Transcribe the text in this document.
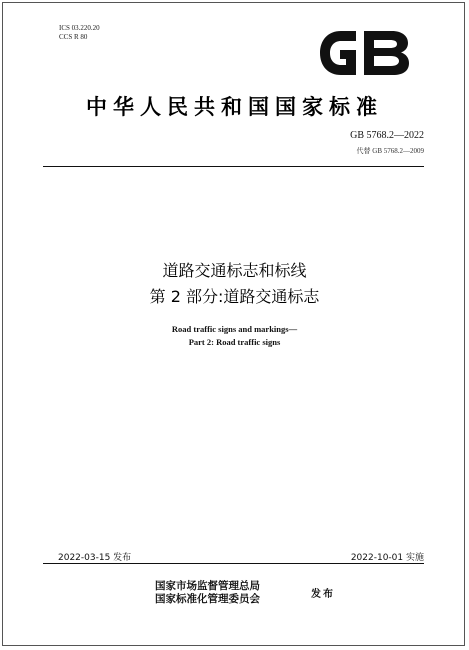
ICS 03.220.20
CCS R 80
中华人民共和国国家标准
GB 5768.2—2022
代替 GB 5768.2—2009
道路交通标志和标线
第 2 部分:道路交通标志
Road traffic signs and markings—
Part 2: Road traffic signs
2022-03-15 发布	2022-10-01 实施
国家市场监督管理总局
国家标准化管理委员会	发布
